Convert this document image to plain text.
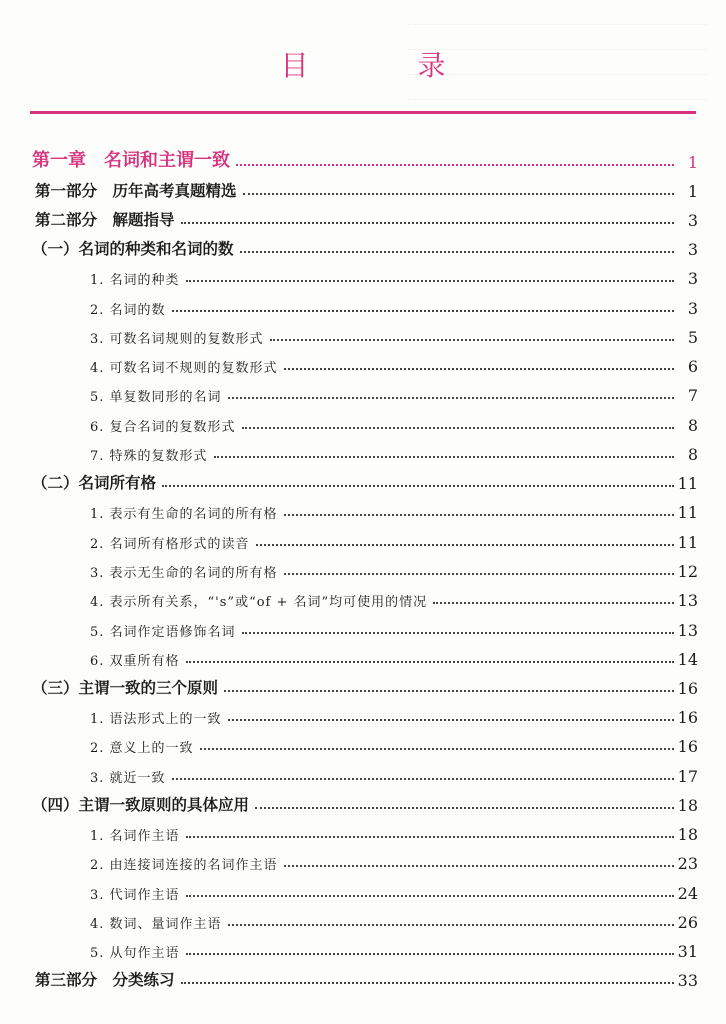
目 录
第一章　名词和主谓一致	1
第一部分　历年高考真题精选	1
第二部分　解题指导	3
（一）名词的种类和名词的数	3
1. 名词的种类	3
2. 名词的数	3
3. 可数名词规则的复数形式	5
4. 可数名词不规则的复数形式	6
5. 单复数同形的名词	7
6. 复合名词的复数形式	8
7. 特殊的复数形式	8
（二）名词所有格	11
1. 表示有生命的名词的所有格	11
2. 名词所有格形式的读音	11
3. 表示无生命的名词的所有格	12
4. 表示所有关系，“'s”或“of + 名词”均可使用的情况	13
5. 名词作定语修饰名词	13
6. 双重所有格	14
（三）主谓一致的三个原则	16
1. 语法形式上的一致	16
2. 意义上的一致	16
3. 就近一致	17
（四）主谓一致原则的具体应用	18
1. 名词作主语	18
2. 由连接词连接的名词作主语	23
3. 代词作主语	24
4. 数词、量词作主语	26
5. 从句作主语	31
第三部分　分类练习	33
